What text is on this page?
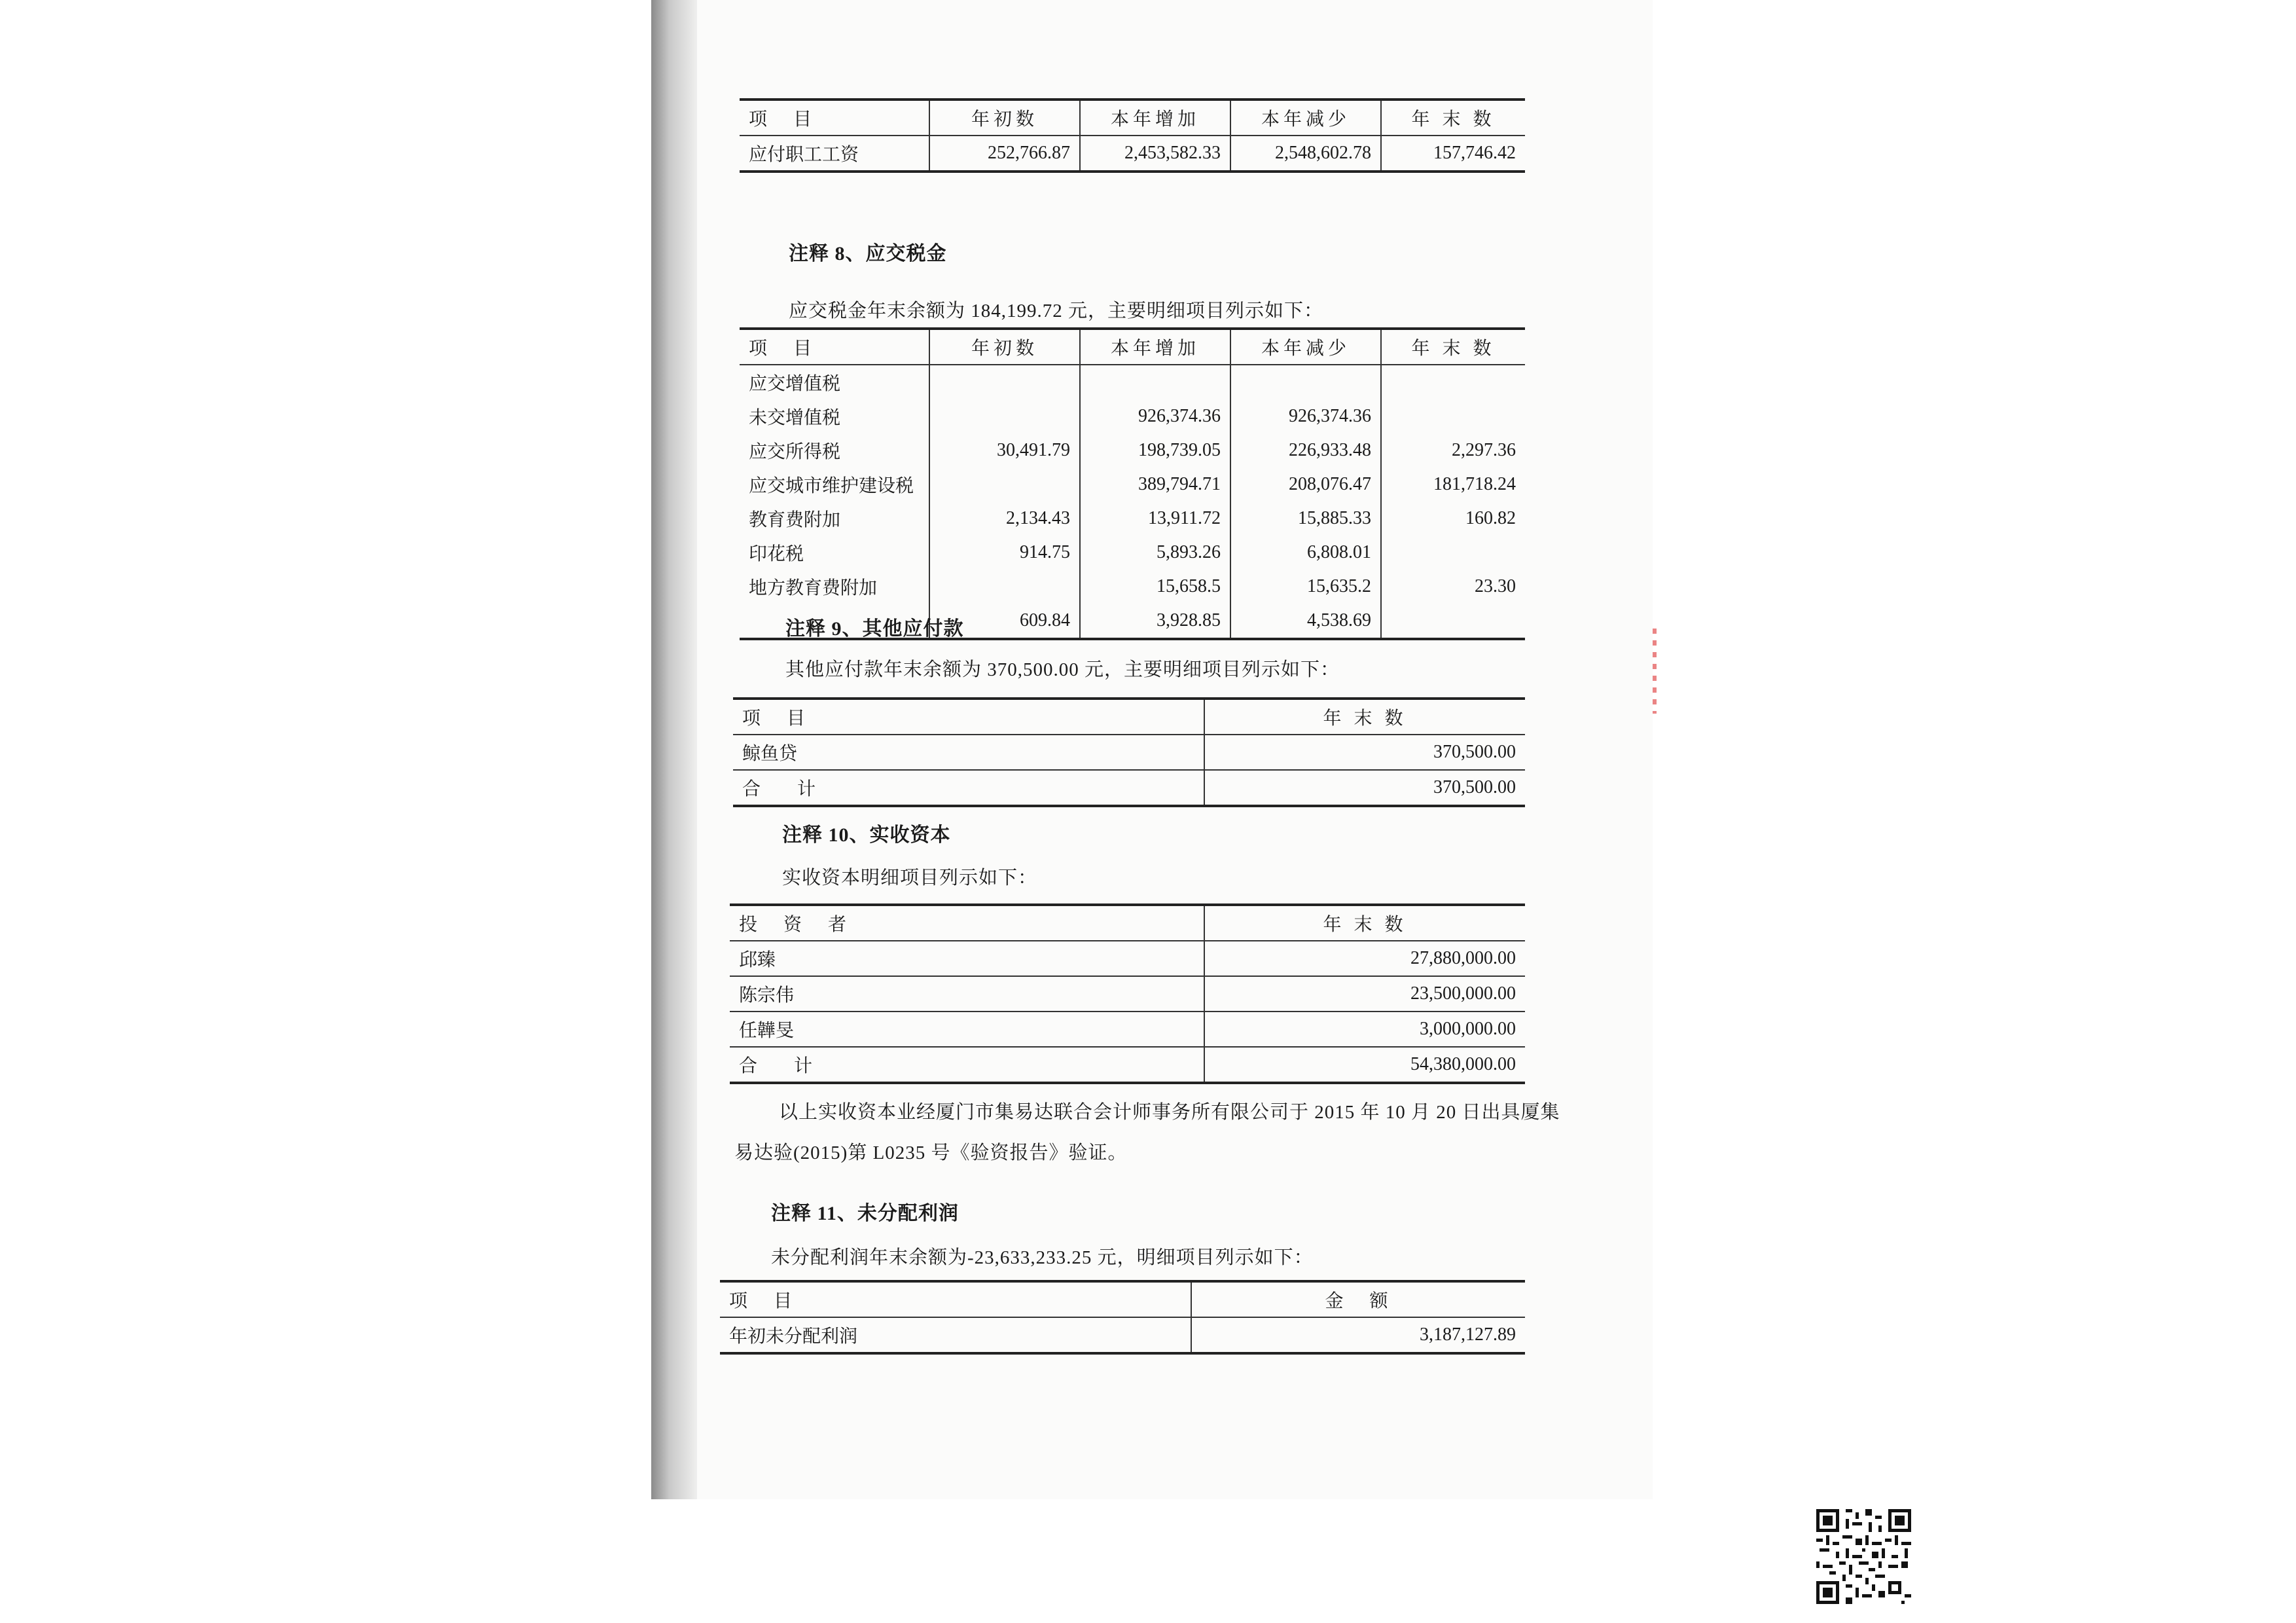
项　目	年初数	本年增加	本年减少	年 末 数
应付职工工资	252,766.87	2,453,582.33	2,548,602.78	157,746.42
注释 8、应交税金
应交税金年末余额为 184,199.72 元，主要明细项目列示如下：
项　目	年初数	本年增加	本年减少	年 末 数
应交增值税				
未交增值税		926,374.36	926,374.36	
应交所得税	30,491.79	198,739.05	226,933.48	2,297.36
应交城市维护建设税		389,794.71	208,076.47	181,718.24
教育费附加	2,134.43	13,911.72	15,885.33	160.82
印花税	914.75	5,893.26	6,808.01	
地方教育费附加		15,658.5	15,635.2	23.30
	609.84	3,928.85	4,538.69	
注释 9、其他应付款
其他应付款年末余额为 370,500.00 元，主要明细项目列示如下：
项　目	年 末 数
鲸鱼贷	370,500.00
合　计	370,500.00
注释 10、实收资本
实收资本明细项目列示如下：
投　资　者	年 末 数
邱臻	27,880,000.00
陈宗伟	23,500,000.00
任韡旻	3,000,000.00
合　计	54,380,000.00
以上实收资本业经厦门市集易达联合会计师事务所有限公司于 2015 年 10 月 20 日出具厦集
易达验(2015)第 L0235 号《验资报告》验证。
注释 11、未分配利润
未分配利润年末余额为-23,633,233.25 元，明细项目列示如下：
项　目	金　额
年初未分配利润	3,187,127.89
